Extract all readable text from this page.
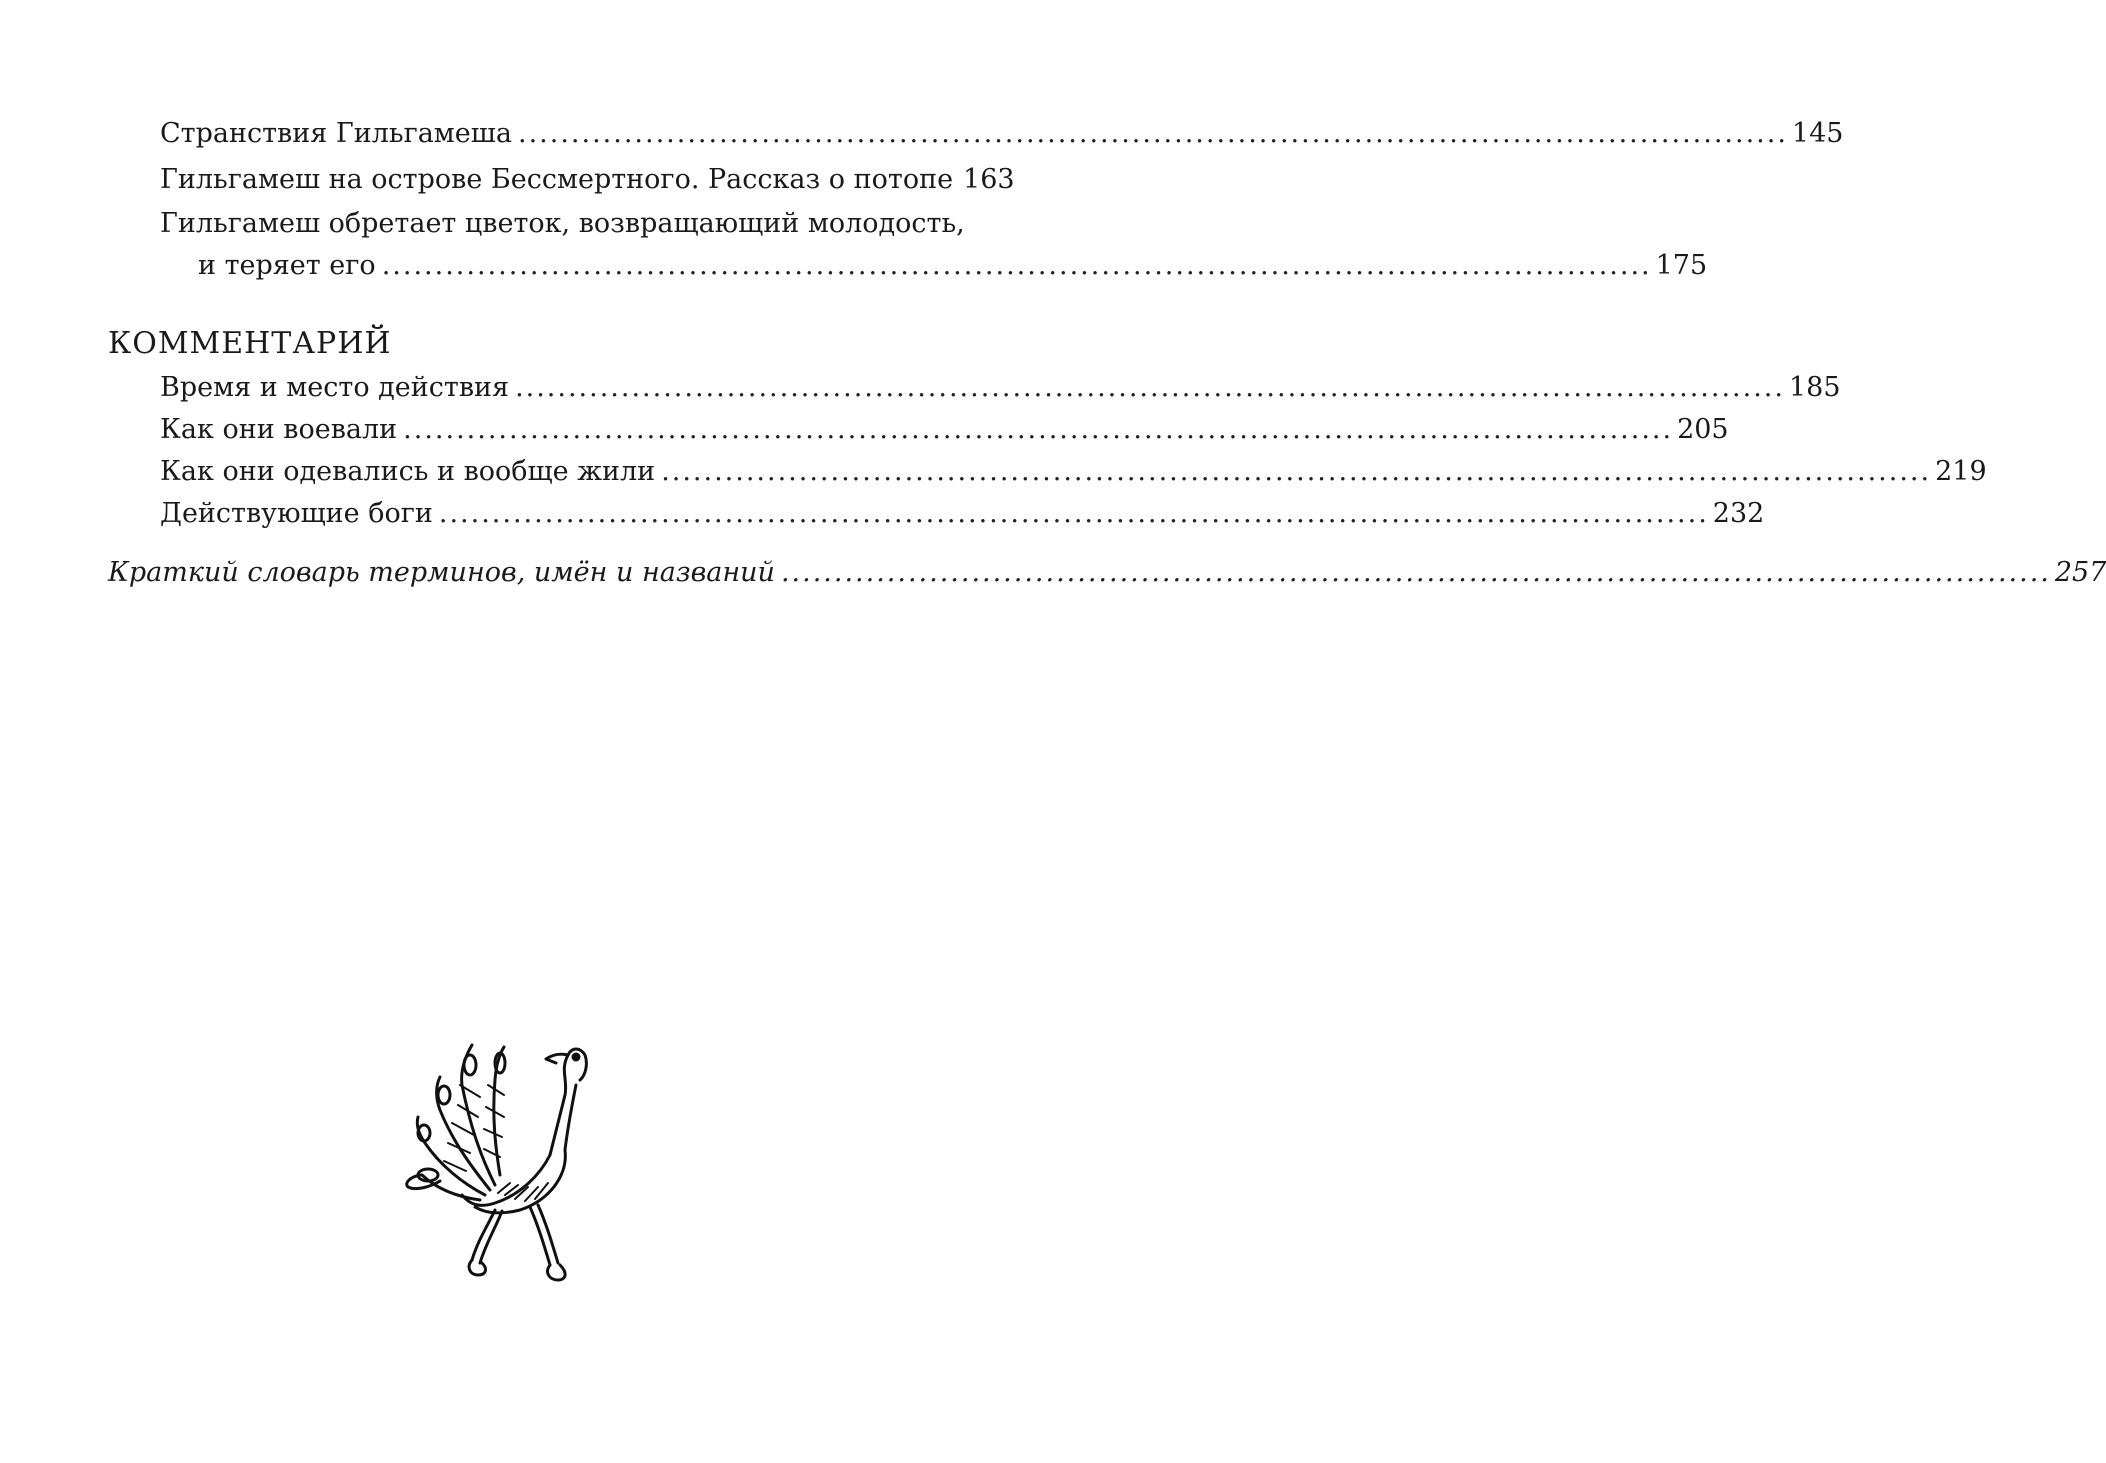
Странствия Гильгамеша ........................................................................................................................ 145
Гильгамеш на острове Бессмертного. Рассказ о потопе 163
Гильгамеш обретает цветок, возвращающий молодость,
и теряет его ........................................................................................................................ 175
КОММЕНТАРИЙ
Время и место действия ........................................................................................................................ 185
Как они воевали ........................................................................................................................ 205
Как они одевались и вообще жили ........................................................................................................................ 219
Действующие боги ........................................................................................................................ 232
Краткий словарь терминов, имён и названий ........................................................................................................................ 257
